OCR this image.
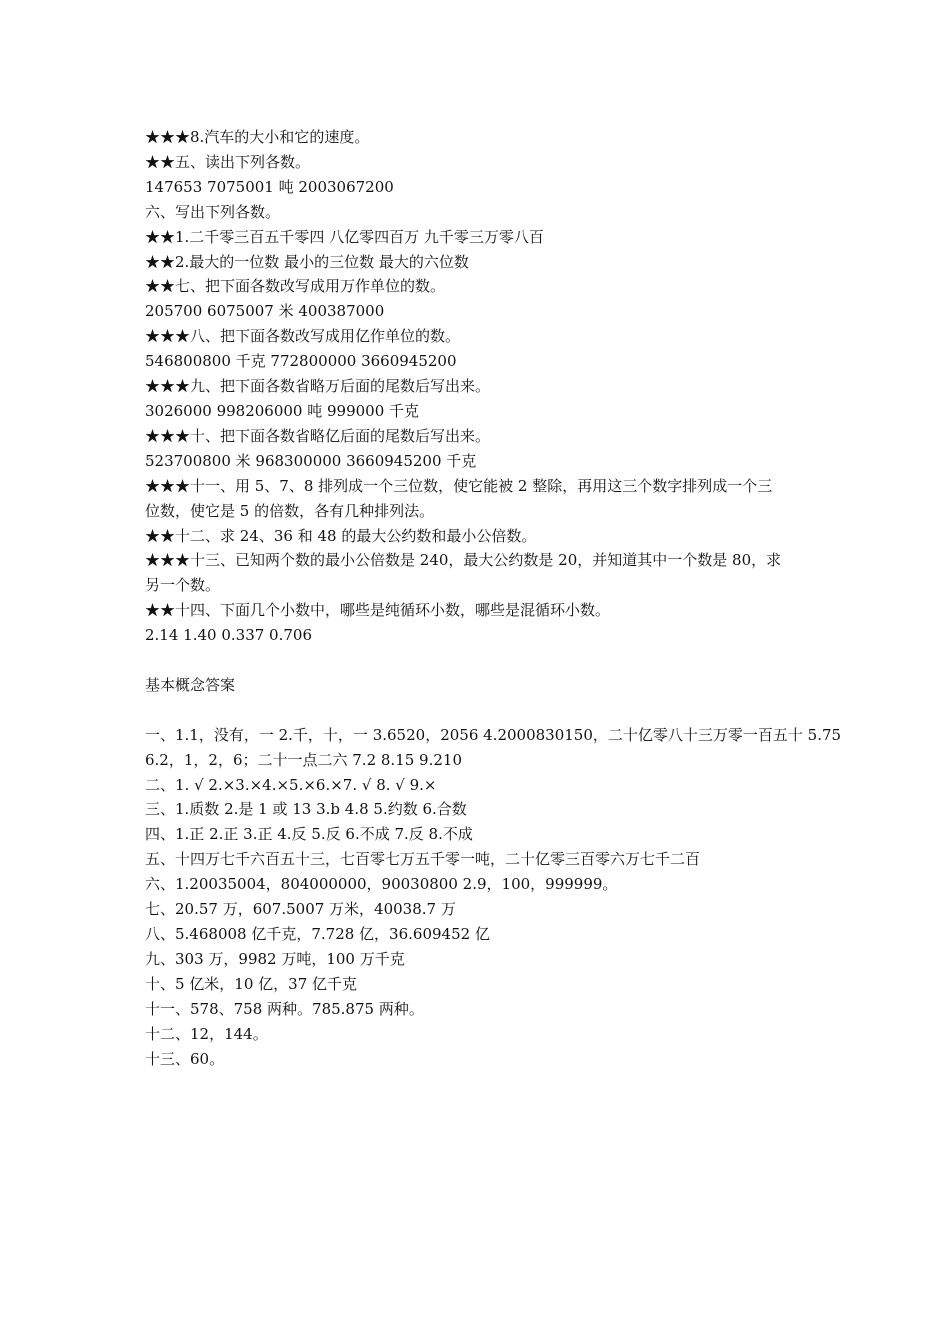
★★★8.汽车的大小和它的速度。
★★五、读出下列各数。
147653 7075001 吨 2003067200
六、写出下列各数。
★★1.二千零三百五千零四 八亿零四百万 九千零三万零八百
★★2.最大的一位数 最小的三位数 最大的六位数
★★七、把下面各数改写成用万作单位的数。
205700 6075007 米 400387000
★★★八、把下面各数改写成用亿作单位的数。
546800800 千克 772800000 3660945200
★★★九、把下面各数省略万后面的尾数后写出来。
3026000 998206000 吨 999000 千克
★★★十、把下面各数省略亿后面的尾数后写出来。
523700800 米 968300000 3660945200 千克
★★★十一、用 5、7、8 排列成一个三位数，使它能被 2 整除，再用这三个数字排列成一个三
位数，使它是 5 的倍数，各有几种排列法。
★★十二、求 24、36 和 48 的最大公约数和最小公倍数。
★★★十三、已知两个数的最小公倍数是 240，最大公约数是 20，并知道其中一个数是 80，求
另一个数。
★★十四、下面几个小数中，哪些是纯循环小数，哪些是混循环小数。
2.14 1.40 0.337 0.706
基本概念答案
一、1.1，没有，一 2.千，十，一 3.6520，2056 4.2000830150，二十亿零八十三万零一百五十 5.75
6.2，1，2，6；二十一点二六 7.2 8.15 9.210
二、1. √ 2.×3.×4.×5.×6.×7. √ 8. √ 9.×
三、1.质数 2.是 1 或 13 3.b 4.8 5.约数 6.合数
四、1.正 2.正 3.正 4.反 5.反 6.不成 7.反 8.不成
五、十四万七千六百五十三，七百零七万五千零一吨，二十亿零三百零六万七千二百
六、1.20035004，804000000，90030800 2.9，100，999999。
七、20.57 万，607.5007 万米，40038.7 万
八、5.468008 亿千克，7.728 亿，36.609452 亿
九、303 万，9982 万吨，100 万千克
十、5 亿米，10 亿，37 亿千克
十一、578、758 两种。785.875 两种。
十二、12，144。
十三、60。
